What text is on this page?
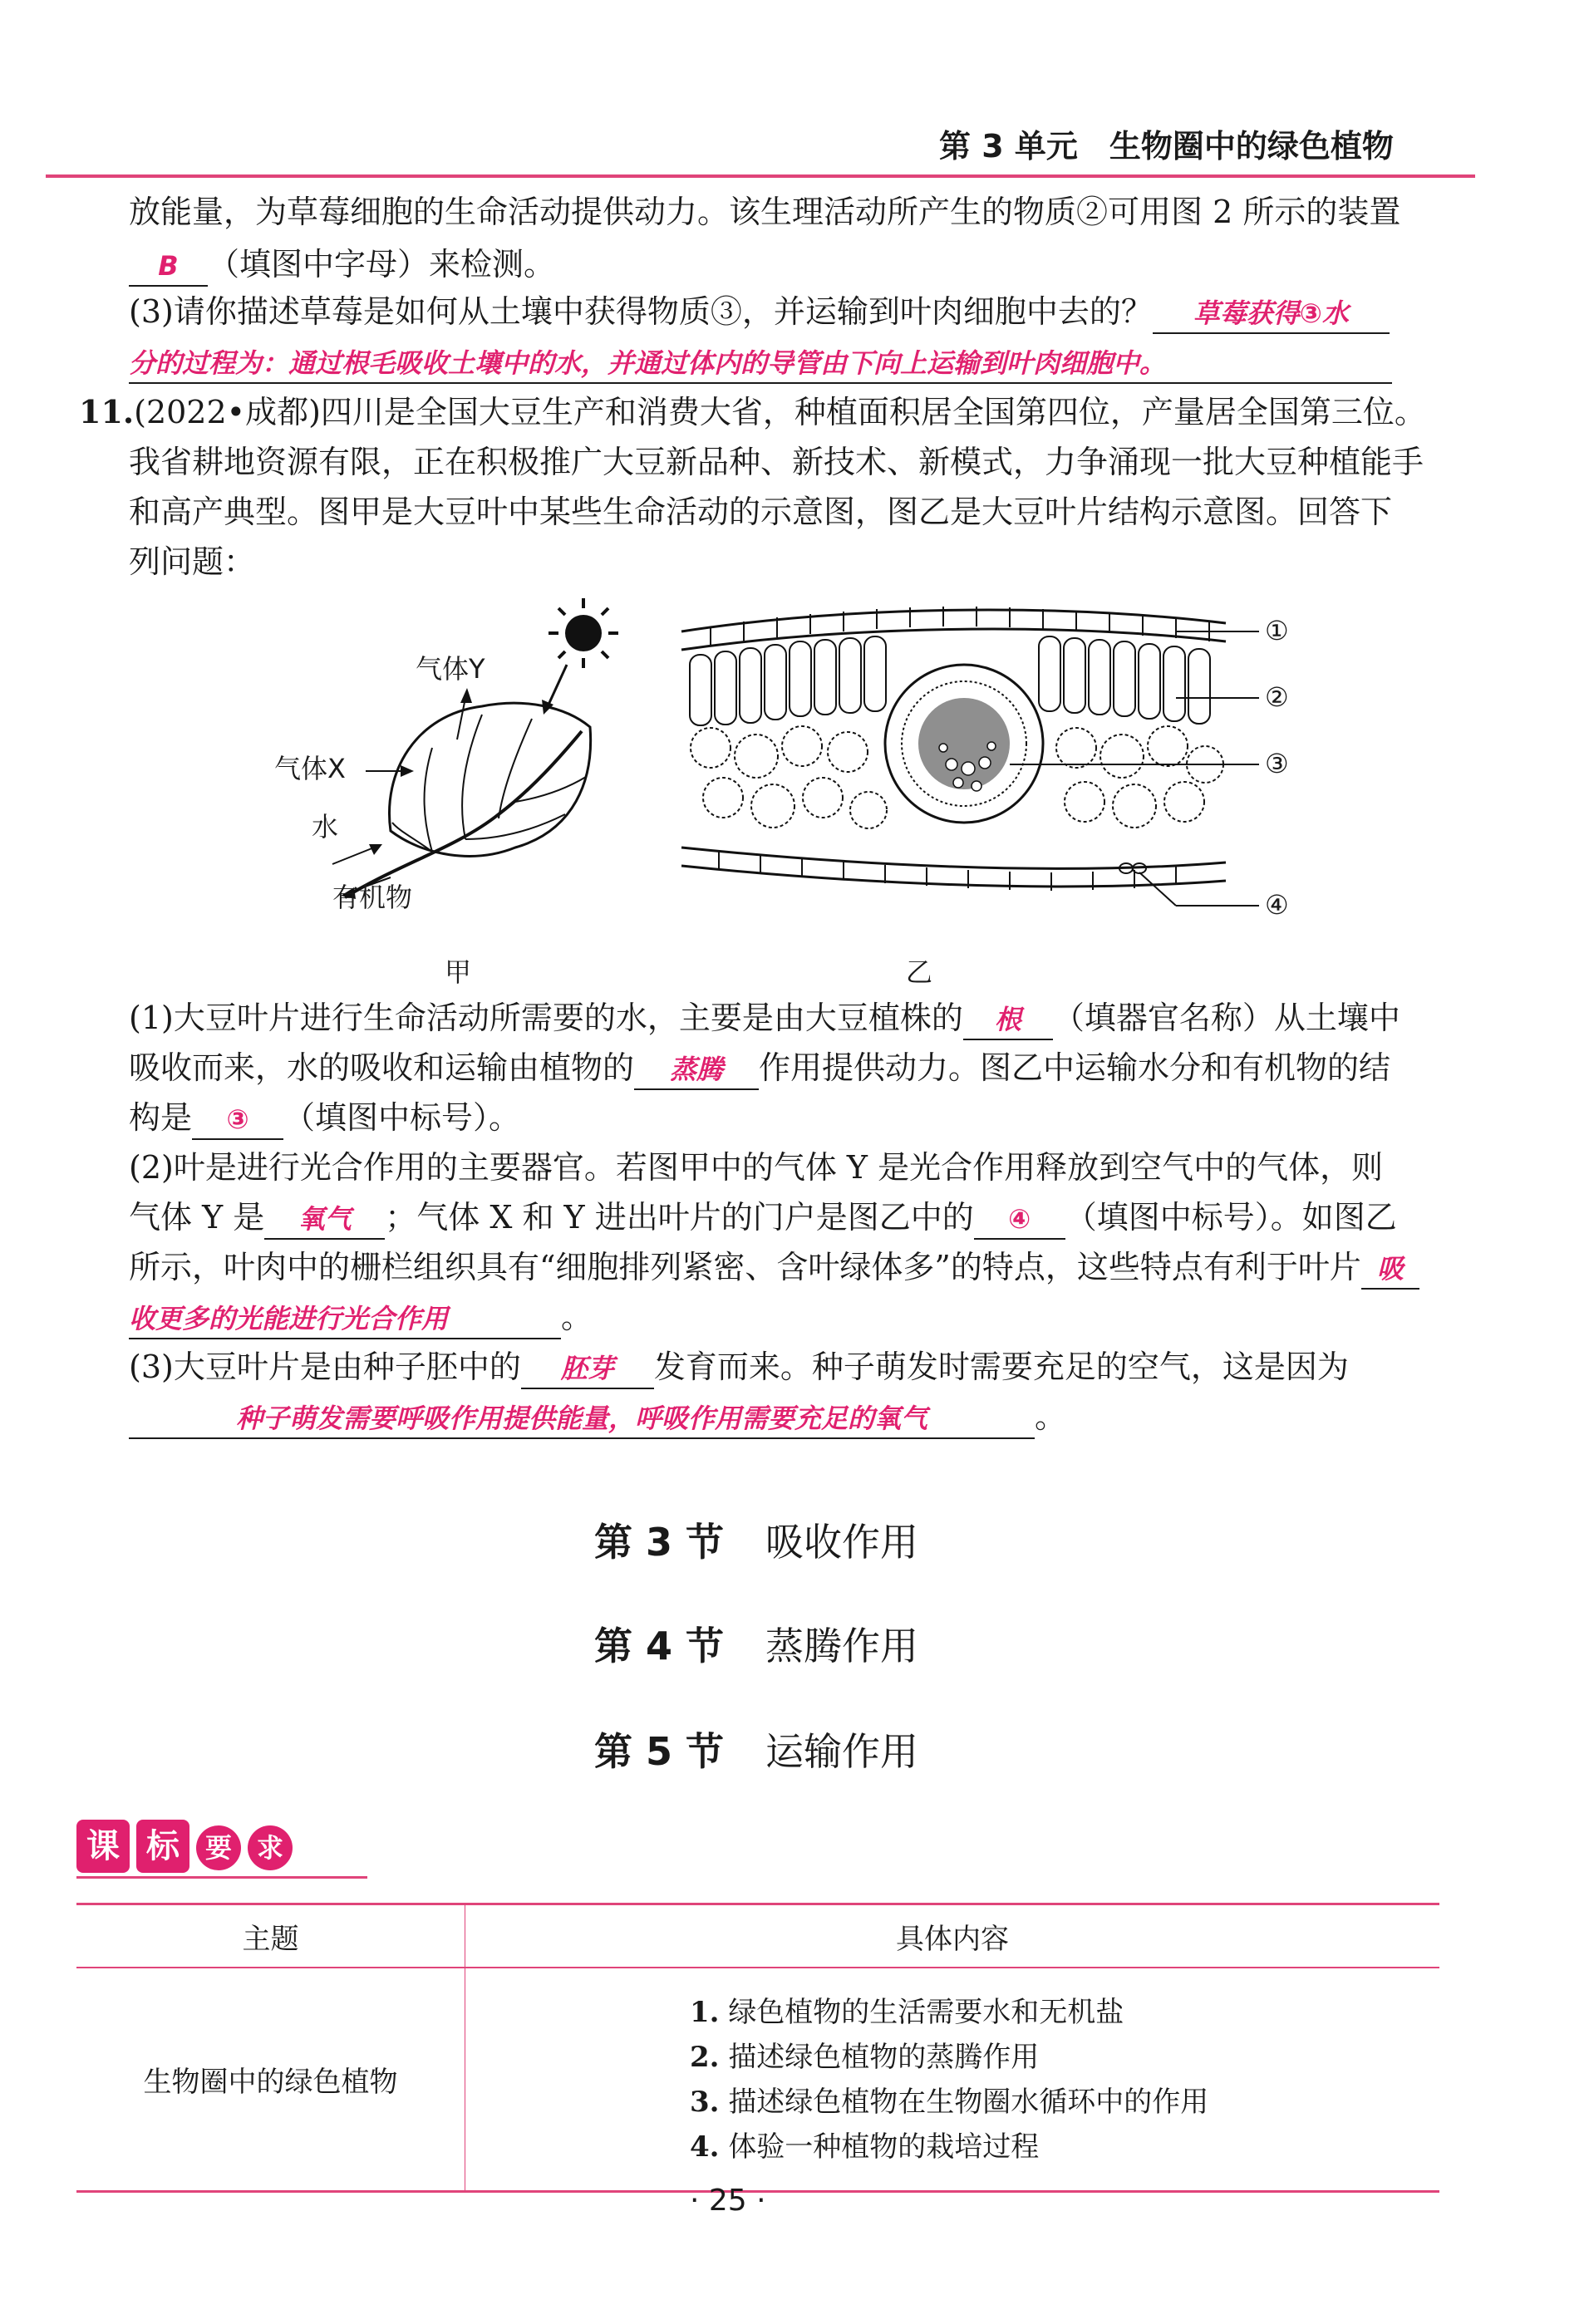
第 3 单元　生物圈中的绿色植物
放能量，为草莓细胞的生命活动提供动力。该生理活动所产生的物质②可用图 2 所示的装置
B （填图中字母）来检测。
(3)请你描述草莓是如何从土壤中获得物质③，并运输到叶肉细胞中去的？ 草莓获得③水
分的过程为：通过根毛吸收土壤中的水，并通过体内的导管由下向上运输到叶肉细胞中。
11.(2022•成都)四川是全国大豆生产和消费大省，种植面积居全国第四位，产量居全国第三位。
我省耕地资源有限，正在积极推广大豆新品种、新技术、新模式，力争涌现一批大豆种植能手
和高产典型。图甲是大豆叶中某些生命活动的示意图，图乙是大豆叶片结构示意图。回答下
列问题：
气体Y
气体X
水
有机物
甲
①
②
③
④
乙
(1)大豆叶片进行生命活动所需要的水，主要是由大豆植株的 根 （填器官名称）从土壤中
吸收而来，水的吸收和运输由植物的 蒸腾 作用提供动力。图乙中运输水分和有机物的结
构是 ③ （填图中标号）。
(2)叶是进行光合作用的主要器官。若图甲中的气体 Y 是光合作用释放到空气中的气体，则
气体 Y 是 氧气 ；气体 X 和 Y 进出叶片的门户是图乙中的 ④ （填图中标号）。如图乙
所示，叶肉中的栅栏组织具有“细胞排列紧密、含叶绿体多”的特点，这些特点有利于叶片 吸
收更多的光能进行光合作用	。
(3)大豆叶片是由种子胚中的 胚芽 发育而来。种子萌发时需要充足的空气，这是因为
种子萌发需要呼吸作用提供能量，呼吸作用需要充足的氧气	。
第 3 节 吸收作用
第 4 节 蒸腾作用
第 5 节 运输作用
课 标 要 求
主题	具体内容
生物圈中的绿色植物	1. 绿色植物的生活需要水和无机盐
2. 描述绿色植物的蒸腾作用
3. 描述绿色植物在生物圈水循环中的作用
4. 体验一种植物的栽培过程
· 25 ·
